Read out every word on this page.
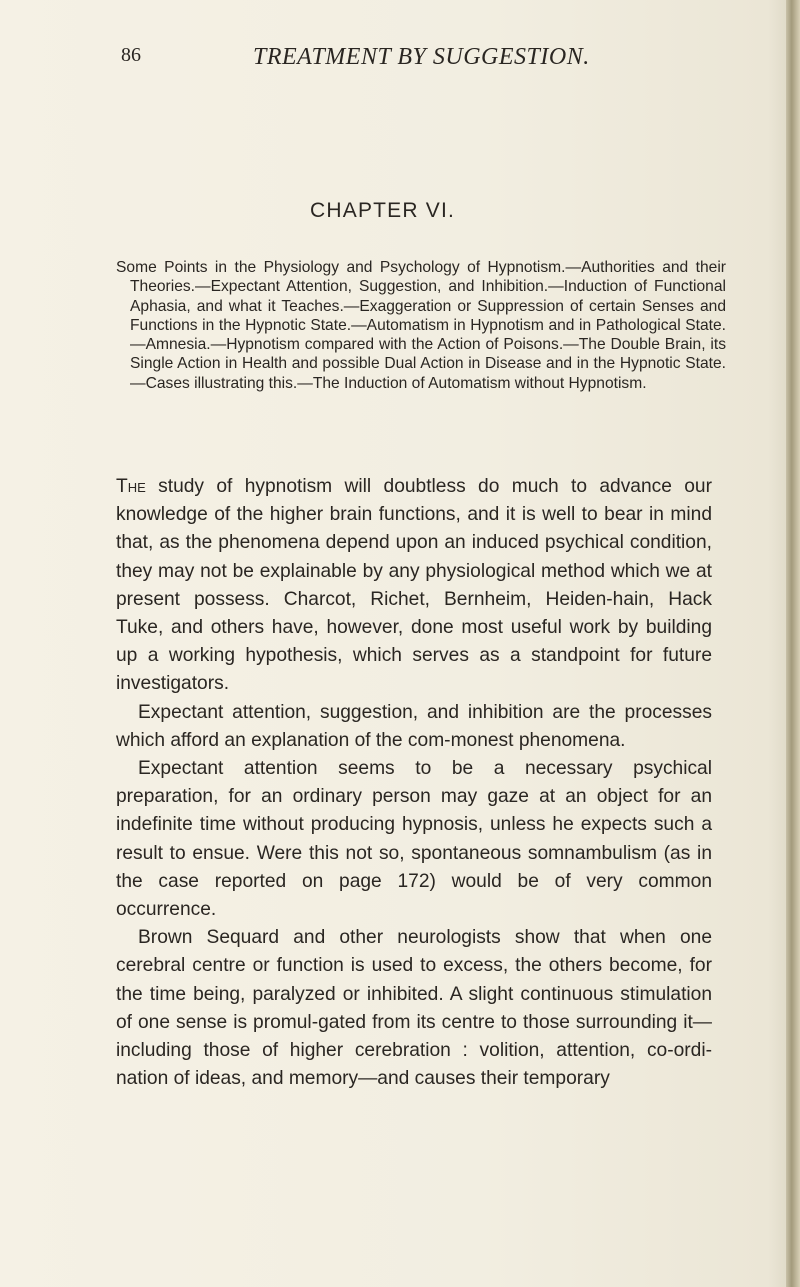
86	TREATMENT BY SUGGESTION.
CHAPTER VI.
Some Points in the Physiology and Psychology of Hypnotism.—Authorities and their Theories.—Expectant Attention, Suggestion, and Inhibition.—Induction of Functional Aphasia, and what it Teaches.—Exaggeration or Suppression of certain Senses and Functions in the Hypnotic State.—Automatism in Hypnotism and in Pathological State.—Amnesia.—Hypnotism compared with the Action of Poisons.—The Double Brain, its Single Action in Health and possible Dual Action in Disease and in the Hypnotic State.—Cases illustrating this.—The Induction of Automatism without Hypnotism.

The study of hypnotism will doubtless do much to advance our knowledge of the higher brain functions, and it is well to bear in mind that, as the phenomena depend upon an induced psychical condition, they may not be explainable by any physiological method which we at present possess. Charcot, Richet, Bernheim, Heiden-hain, Hack Tuke, and others have, however, done most useful work by building up a working hypothesis, which serves as a standpoint for future investigators.

Expectant attention, suggestion, and inhibition are the processes which afford an explanation of the com-monest phenomena.

Expectant attention seems to be a necessary psychical preparation, for an ordinary person may gaze at an object for an indefinite time without producing hypnosis, unless he expects such a result to ensue. Were this not so, spontaneous somnambulism (as in the case reported on page 172) would be of very common occurrence.

Brown Sequard and other neurologists show that when one cerebral centre or function is used to excess, the others become, for the time being, paralyzed or inhibited. A slight continuous stimulation of one sense is promul-gated from its centre to those surrounding it—including those of higher cerebration : volition, attention, co-ordi-nation of ideas, and memory—and causes their temporary
